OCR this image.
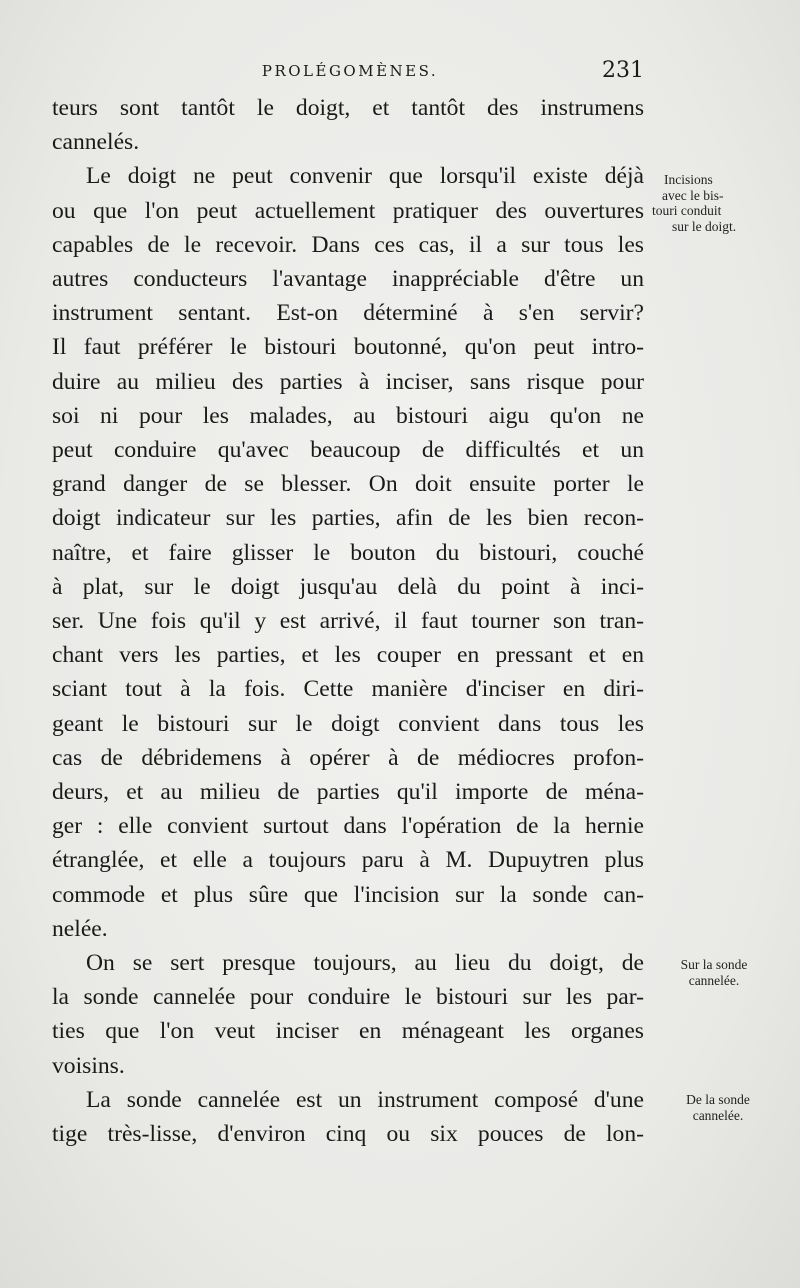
PROLÉGOMÈNES.	231

teurs sont tantôt le doigt, et tantôt des instrumens
cannelés.

Le doigt ne peut convenir que lorsqu'il existe déjà

ou que l'on peut actuellement pratiquer des ouvertures
capables de le recevoir. Dans ces cas, il a sur tous les
autres conducteurs l'avantage inappréciable d'être un
instrument sentant. Est-on déterminé à s'en servir?
Il faut préférer le bistouri boutonné, qu'on peut intro-
duire au milieu des parties à inciser, sans risque pour
soi ni pour les malades, au bistouri aigu qu'on ne
peut conduire qu'avec beaucoup de difficultés et un
grand danger de se blesser. On doit ensuite porter le
doigt indicateur sur les parties, afin de les bien recon-
naître, et faire glisser le bouton du bistouri, couché
à plat, sur le doigt jusqu'au delà du point à inci-
ser. Une fois qu'il y est arrivé, il faut tourner son tran-
chant vers les parties, et les couper en pressant et en
sciant tout à la fois. Cette manière d'inciser en diri-
geant le bistouri sur le doigt convient dans tous les
cas de débridemens à opérer à de médiocres profon-
deurs, et au milieu de parties qu'il importe de ména-
ger : elle convient surtout dans l'opération de la hernie
étranglée, et elle a toujours paru à M. Dupuytren plus
commode et plus sûre que l'incision sur la sonde can-
nelée.

On se sert presque toujours, au lieu du doigt, de

la sonde cannelée pour conduire le bistouri sur les par-
ties que l'on veut inciser en ménageant les organes
voisins.

La sonde cannelée est un instrument composé d'une

tige très-lisse, d'environ cinq ou six pouces de lon-

Incisions
avec le bis-
touri conduit
sur le doigt.
Sur la sonde
cannelée.
De la sonde
cannelée.
